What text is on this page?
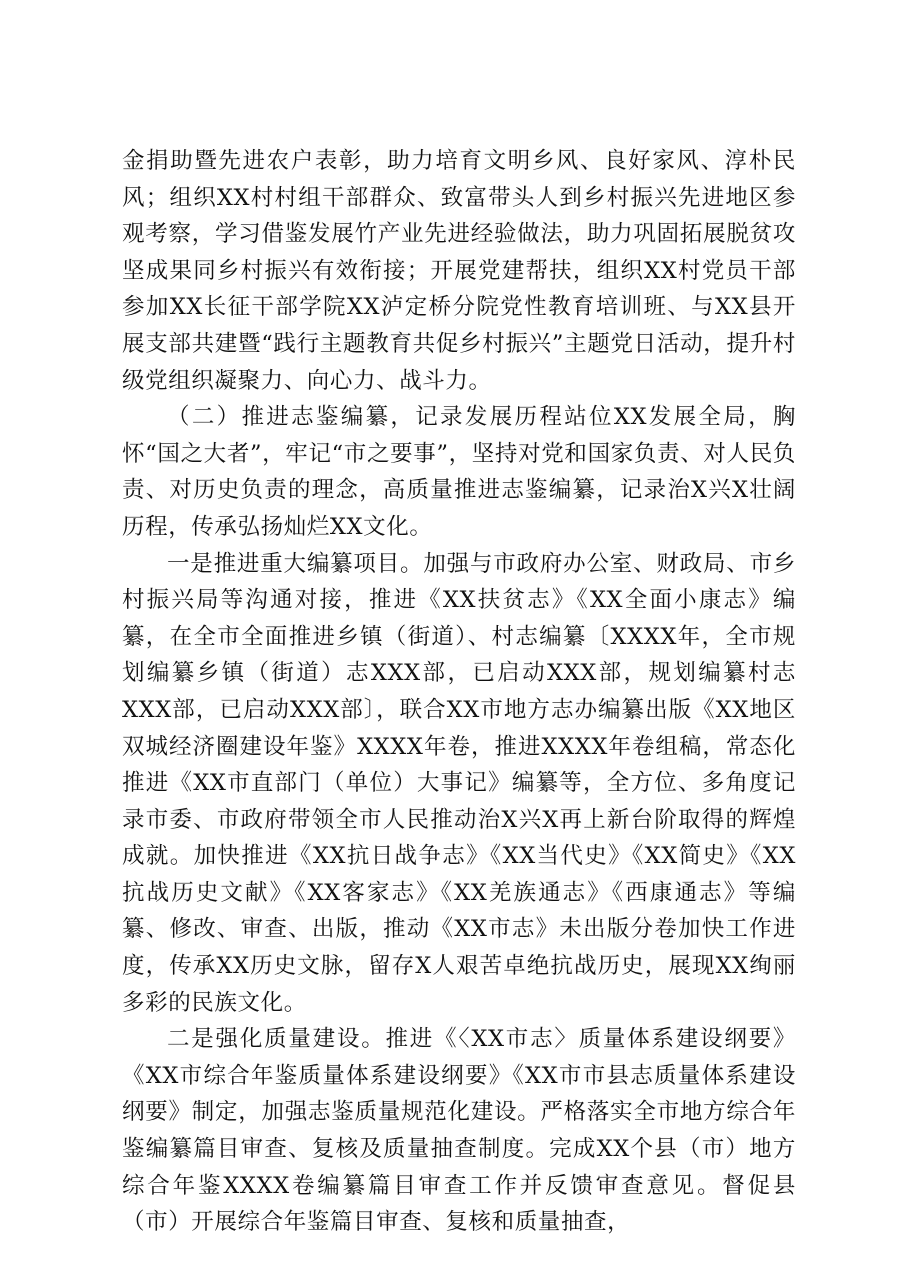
金捐助暨先进农户表彰，助力培育文明乡风、良好家风、淳朴民风；组织XX村村组干部群众、致富带头人到乡村振兴先进地区参观考察，学习借鉴发展竹产业先进经验做法，助力巩固拓展脱贫攻坚成果同乡村振兴有效衔接；开展党建帮扶，组织XX村党员干部参加XX长征干部学院XX泸定桥分院党性教育培训班、与XX县开展支部共建暨“践行主题教育共促乡村振兴”主题党日活动，提升村级党组织凝聚力、向心力、战斗力。

（二）推进志鉴编纂，记录发展历程站位XX发展全局，胸怀“国之大者”，牢记“市之要事”，坚持对党和国家负责、对人民负责、对历史负责的理念，高质量推进志鉴编纂，记录治X兴X壮阔历程，传承弘扬灿烂XX文化。

一是推进重大编纂项目。加强与市政府办公室、财政局、市乡村振兴局等沟通对接，推进《XX扶贫志》《XX全面小康志》编纂，在全市全面推进乡镇（街道）、村志编纂〔XXXX年，全市规划编纂乡镇（街道）志XXX部，已启动XXX部，规划编纂村志XXX部，已启动XXX部〕，联合XX市地方志办编纂出版《XX地区双城经济圈建设年鉴》XXXX年卷，推进XXXX年卷组稿，常态化推进《XX市直部门（单位）大事记》编纂等，全方位、多角度记录市委、市政府带领全市人民推动治X兴X再上新台阶取得的辉煌成就。加快推进《XX抗日战争志》《XX当代史》《XX简史》《XX抗战历史文献》《XX客家志》《XX羌族通志》《西康通志》等编纂、修改、审查、出版，推动《XX市志》未出版分卷加快工作进度，传承XX历史文脉，留存X人艰苦卓绝抗战历史，展现XX绚丽多彩的民族文化。

二是强化质量建设。推进《〈XX市志〉质量体系建设纲要》《XX市综合年鉴质量体系建设纲要》《XX市市县志质量体系建设纲要》制定，加强志鉴质量规范化建设。严格落实全市地方综合年鉴编纂篇目审查、复核及质量抽查制度。完成XX个县（市）地方综合年鉴XXXX卷编纂篇目审查工作并反馈审查意见。督促县（市）开展综合年鉴篇目审查、复核和质量抽查，
